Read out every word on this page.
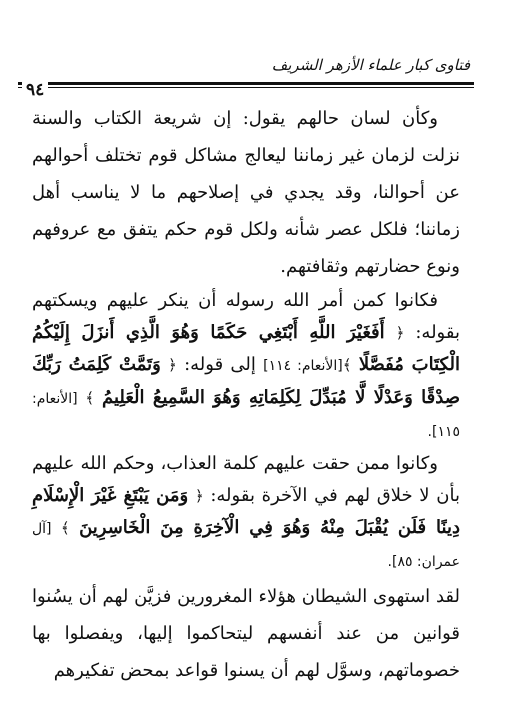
فتاوى كبار علماء الأزهر الشريف
٩٤

وكأن لسان حالهم يقول: إن شريعة الكتاب والسنة نزلت لزمان غير زماننا ليعالج مشاكل قوم تختلف أحوالهم عن أحوالنا، وقد يجدي في إصلاحهم ما لا يناسب أهل زماننا؛ فلكل عصر شأنه ولكل قوم حكم يتفق مع عروفهم ونوع حضارتهم وثقافتهم.

فكانوا كمن أمر الله رسوله أن ينكر عليهم ويسكتهم بقوله: ﴿ أَفَغَيْرَ اللَّهِ أَبْتَغِي حَكَمًا وَهُوَ الَّذِي أَنزَلَ إِلَيْكُمُ الْكِتَابَ مُفَصَّلًا ﴾[الأنعام: ١١٤] إلى قوله: ﴿ وَتَمَّتْ كَلِمَتُ رَبِّكَ صِدْقًا وَعَدْلًا لَّا مُبَدِّلَ لِكَلِمَاتِهِ وَهُوَ السَّمِيعُ الْعَلِيمُ ﴾ [الأنعام: ١١٥].

وكانوا ممن حقت عليهم كلمة العذاب، وحكم الله عليهم بأن لا خلاق لهم في الآخرة بقوله: ﴿ وَمَن يَبْتَغِ غَيْرَ الْإِسْلَامِ دِينًا فَلَن يُقْبَلَ مِنْهُ وَهُوَ فِي الْآخِرَةِ مِنَ الْخَاسِرِينَ ﴾ [آل عمران: ٨٥].

لقد استهوى الشيطان هؤلاء المغرورين فزيَّن لهم أن يسُنوا قوانين من عند أنفسهم ليتحاكموا إليها، ويفصلوا بها خصوماتهم، وسوَّل لهم أن يسنوا قواعد بمحض تفكيرهم
